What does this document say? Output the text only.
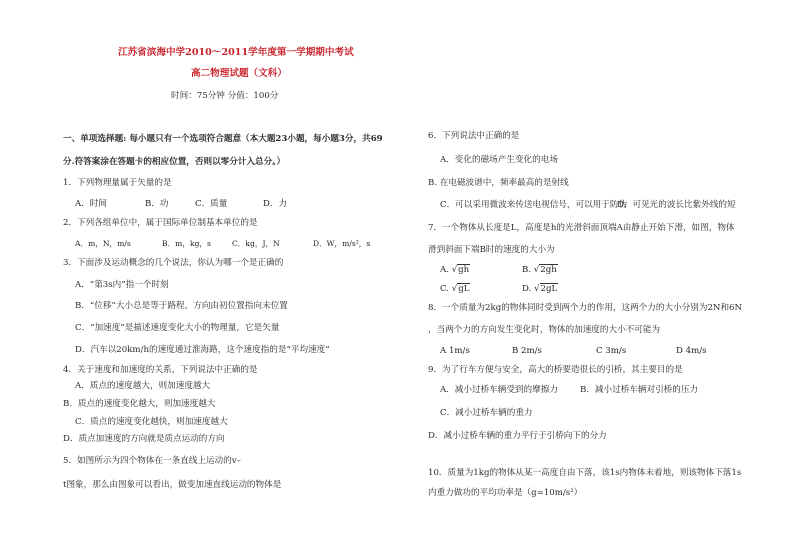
江苏省滨海中学2010～2011学年度第一学期期中考试
高二物理试题（文科）
时间：75分钟 分值：100分
一、单项选择题: 每小题只有一个选项符合题意（本大题23小题，每小题3分，共69
分.符答案涂在答题卡的相应位置，否则以零分计入总分。）
1．下列物理量属于矢量的是
A．时间	B．功	C．质量	D．力
2．下列各组单位中，属于国际单位制基本单位的是
A．m，N，m/s	B．m，kg，s	C．kg，J，N	D．W，m/s²，s
3．下面涉及运动概念的几个说法，你认为哪一个是正确的
A．“第3s内”指一个时刻
B．“位移”大小总是等于路程，方向由初位置指向末位置
C．“加速度”是描述速度变化大小的物理量，它是矢量
D．汽车以20km/h的速度通过淮海路，这个速度指的是“平均速度”
4．关于速度和加速度的关系，下列说法中正确的是
A．质点的速度越大，则加速度越大
B．质点的速度变化越大，则加速度越大
C．质点的速度变化越快，则加速度越大
D．质点加速度的方向就是质点运动的方向
5．如图所示为四个物体在一条直线上运动的v–
t图象，那么由图象可以看出，做变加速直线运动的物体是
6．下列说法中正确的是
A．变化的磁场产生变化的电场
B. 在电磁波谱中，频率最高的是射线
C．可以采用微波来传送电视信号，可以用于防伪
D．可见光的波长比紫外线的短
7．一个物体从长度是L，高度是h的光滑斜面顶端A由静止开始下滑，如图，物体
滑到斜面下端B时的速度的大小为
A. √gh	B. √2gh
C. √gL	D. √2gL
8．一个质量为2kg的物体同时受到两个力的作用，这两个力的大小分别为2N和6N
，当两个力的方向发生变化时，物体的加速度的大小不可能为
A 1m/s	B 2m/s	C 3m/s	D 4m/s
9．为了行车方便与安全，高大的桥要造很长的引桥，其主要目的是
A．减小过桥车辆受到的摩擦力	B．减小过桥车辆对引桥的压力
C．减小过桥车辆的重力
D．减小过桥车辆的重力平行于引桥向下的分力
10．质量为1kg的物体从某一高度自由下落，该1s内物体未着地，则该物体下落1s
内重力做功的平均功率是（g=10m/s²）
